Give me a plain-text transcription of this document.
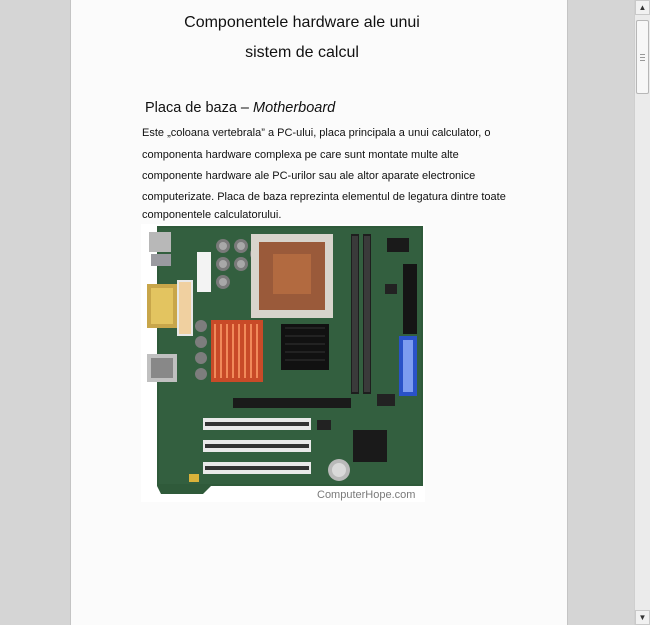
Componentele hardware ale unui
sistem de calcul
Placa de baza – Motherboard
Este „coloana vertebrala” a PC-ului, placa principala a unui calculator, o
componenta hardware complexa pe care sunt montate multe alte
componente hardware ale PC-urilor sau ale altor aparate electronice
computerizate. Placa de baza reprezinta elementul de legatura dintre toate
componentele calculatorului.
ComputerHope.com
▲
▼
